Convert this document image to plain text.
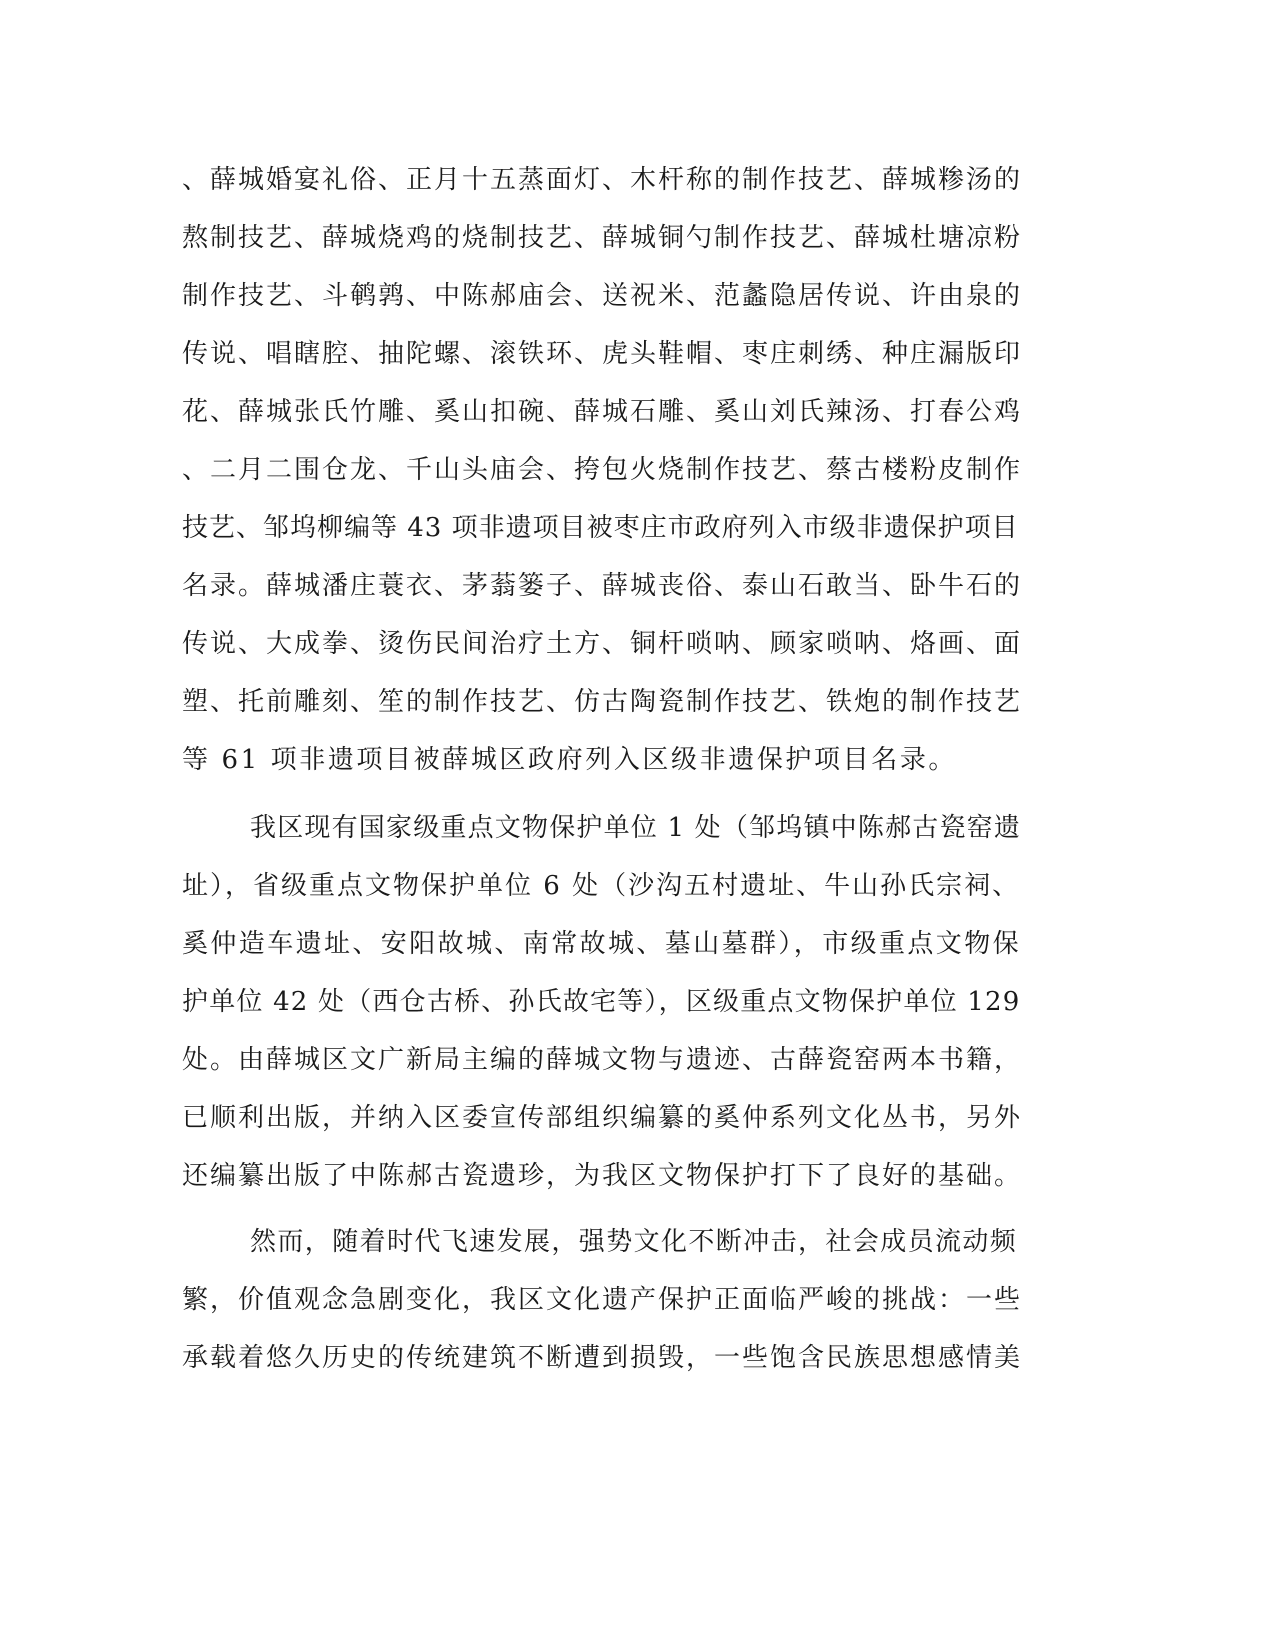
、薛城婚宴礼俗、正月十五蒸面灯、木杆称的制作技艺、薛城糁汤的
熬制技艺、薛城烧鸡的烧制技艺、薛城铜勺制作技艺、薛城杜塘凉粉
制作技艺、斗鹌鹑、中陈郝庙会、送祝米、范蠡隐居传说、许由泉的
传说、唱瞎腔、抽陀螺、滚铁环、虎头鞋帽、枣庄刺绣、种庄漏版印
花、薛城张氏竹雕、奚山扣碗、薛城石雕、奚山刘氏辣汤、打春公鸡
、二月二围仓龙、千山头庙会、挎包火烧制作技艺、蔡古楼粉皮制作
技艺、邹坞柳编等 43 项非遗项目被枣庄市政府列入市级非遗保护项目
名录。薛城潘庄蓑衣、茅蓊篓子、薛城丧俗、泰山石敢当、卧牛石的
传说、大成拳、烫伤民间治疗土方、铜杆唢呐、顾家唢呐、烙画、面
塑、托前雕刻、笙的制作技艺、仿古陶瓷制作技艺、铁炮的制作技艺
等 61 项非遗项目被薛城区政府列入区级非遗保护项目名录。
我区现有国家级重点文物保护单位 1 处（邹坞镇中陈郝古瓷窑遗
址），省级重点文物保护单位 6 处（沙沟五村遗址、牛山孙氏宗祠、
奚仲造车遗址、安阳故城、南常故城、墓山墓群），市级重点文物保
护单位 42 处（西仓古桥、孙氏故宅等），区级重点文物保护单位 129
处。由薛城区文广新局主编的薛城文物与遗迹、古薛瓷窑两本书籍，
已顺利出版，并纳入区委宣传部组织编纂的奚仲系列文化丛书，另外
还编纂出版了中陈郝古瓷遗珍，为我区文物保护打下了良好的基础。
然而，随着时代飞速发展，强势文化不断冲击，社会成员流动频
繁，价值观念急剧变化，我区文化遗产保护正面临严峻的挑战：一些
承载着悠久历史的传统建筑不断遭到损毁，一些饱含民族思想感情美
